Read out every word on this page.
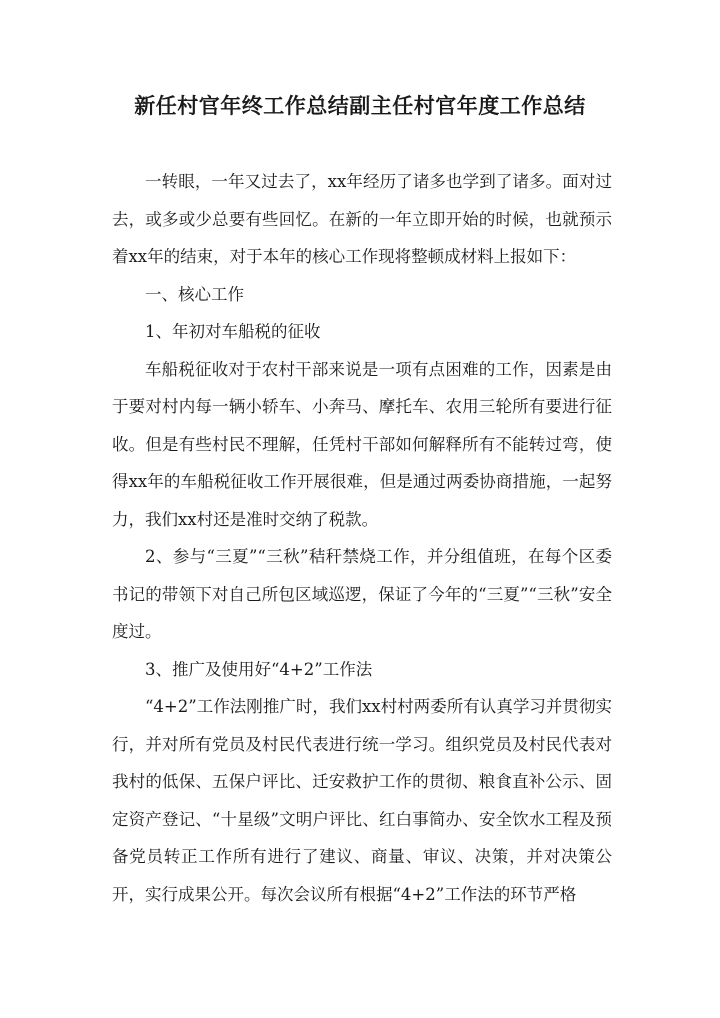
新任村官年终工作总结副主任村官年度工作总结

一转眼，一年又过去了，xx年经历了诸多也学到了诸多。面对过去，或多或少总要有些回忆。在新的一年立即开始的时候，也就预示着xx年的结束，对于本年的核心工作现将整顿成材料上报如下：

一、核心工作

1、年初对车船税的征收

车船税征收对于农村干部来说是一项有点困难的工作，因素是由于要对村内每一辆小轿车、小奔马、摩托车、农用三轮所有要进行征收。但是有些村民不理解，任凭村干部如何解释所有不能转过弯，使得xx年的车船税征收工作开展很难，但是通过两委协商措施，一起努力，我们xx村还是准时交纳了税款。

2、参与“三夏”“三秋”秸秆禁烧工作，并分组值班，在每个区委书记的带领下对自己所包区域巡逻，保证了今年的“三夏”“三秋”安全度过。

3、推广及使用好“4+2”工作法

“4+2”工作法刚推广时，我们xx村村两委所有认真学习并贯彻实行，并对所有党员及村民代表进行统一学习。组织党员及村民代表对我村的低保、五保户评比、迁安救护工作的贯彻、粮食直补公示、固定资产登记、“十星级”文明户评比、红白事简办、安全饮水工程及预备党员转正工作所有进行了建议、商量、审议、决策，并对决策公开，实行成果公开。每次会议所有根据“4+2”工作法的环节严格
